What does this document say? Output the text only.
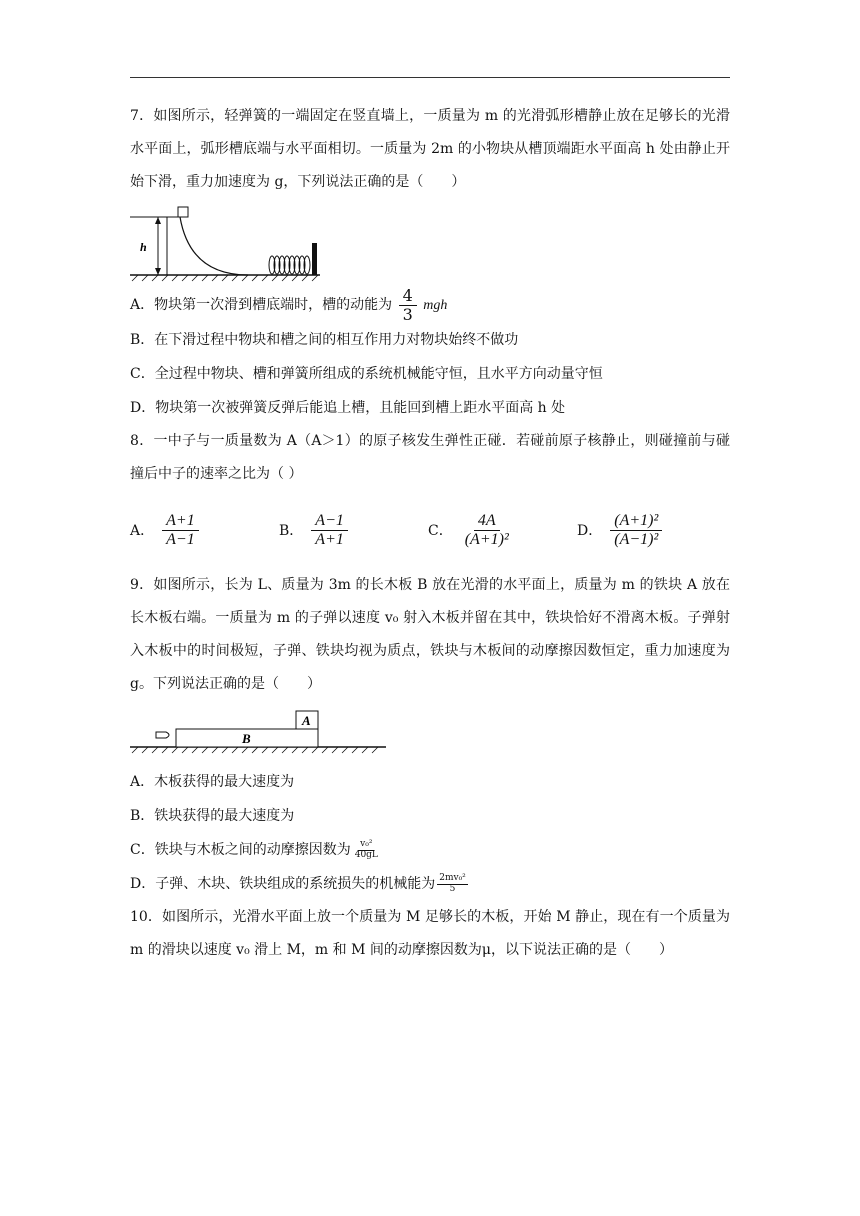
7．如图所示，轻弹簧的一端固定在竖直墙上，一质量为 m 的光滑弧形槽静止放在足够长的光滑水平面上，弧形槽底端与水平面相切。一质量为 2m 的小物块从槽顶端距水平面高 h 处由静止开始下滑，重力加速度为 g，下列说法正确的是（　　）

h

A．物块第一次滑到槽底端时，槽的动能为 $\frac{4}{3}$ mgh

B．在下滑过程中物块和槽之间的相互作用力对物块始终不做功

C．全过程中物块、槽和弹簧所组成的系统机械能守恒，且水平方向动量守恒

D．物块第一次被弹簧反弹后能追上槽，且能回到槽上距水平面高 h 处

8．一中子与一质量数为 A（A＞1）的原子核发生弹性正碰．若碰前原子核静止，则碰撞前与碰撞后中子的速率之比为（ ）

A． $\frac{A+1}{A-1}$	B． $\frac{A-1}{A+1}$	C． $\frac{4A}{\text{(A+1)²}}$	D． $\frac{\text{(A+1)²}}{\text{(A−1)²}}$

9．如图所示，长为 L、质量为 3m 的长木板 B 放在光滑的水平面上，质量为 m 的铁块 A 放在长木板右端。一质量为 m 的子弹以速度 v₀ 射入木板并留在其中，铁块恰好不滑离木板。子弹射入木板中的时间极短，子弹、铁块均视为质点，铁块与木板间的动摩擦因数恒定，重力加速度为 g。下列说法正确的是（　　）

B
A

A．木板获得的最大速度为

B．铁块获得的最大速度为

C．铁块与木板之间的动摩擦因数为 $\frac{\text{v₀²}}{40gL}$

D．子弹、木块、铁块组成的系统损失的机械能为 $\frac{\text{2mv₀²}}{5}$

10．如图所示，光滑水平面上放一个质量为 M 足够长的木板，开始 M 静止，现在有一个质量为 m 的滑块以速度 v₀ 滑上 M，m 和 M 间的动摩擦因数为μ，以下说法正确的是（　　）
